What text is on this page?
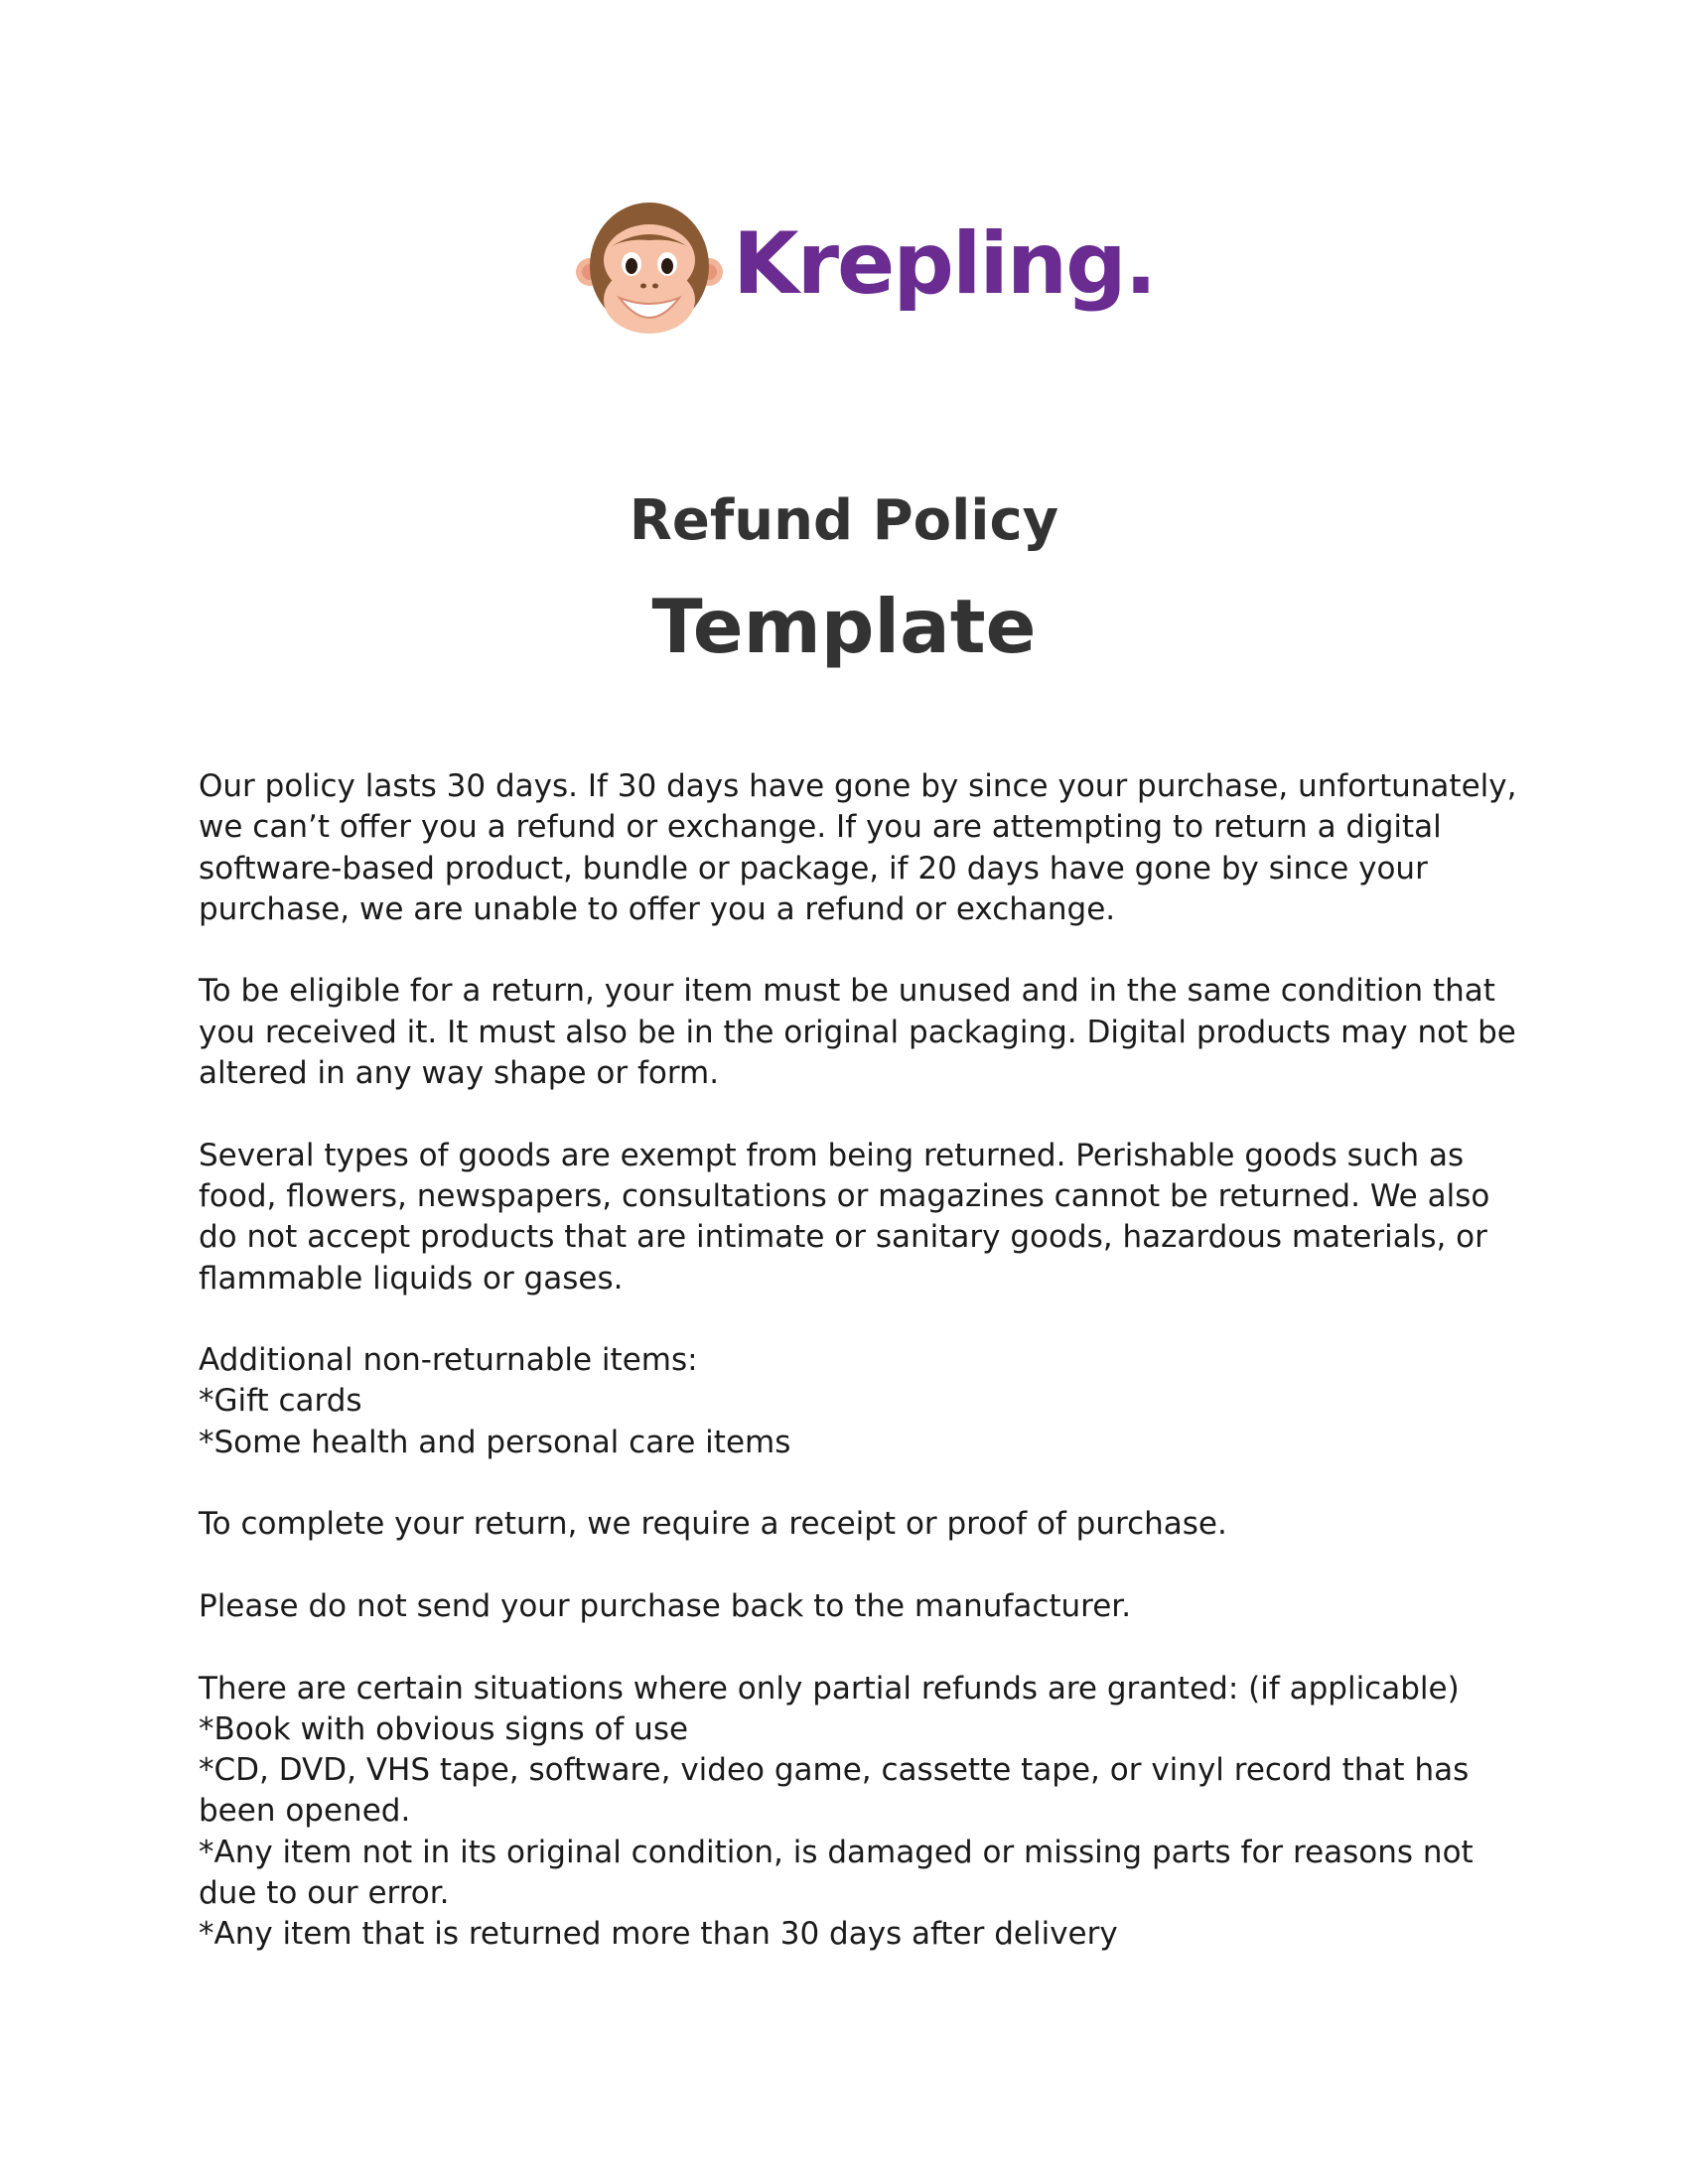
Krepling.
Refund Policy
Template

Our policy lasts 30 days. If 30 days have gone by since your purchase, unfortunately, we can’t offer you a refund or exchange. If you are attempting to return a digital software-based product, bundle or package, if 20 days have gone by since your purchase, we are unable to offer you a refund or exchange.

To be eligible for a return, your item must be unused and in the same condition that you received it. It must also be in the original packaging. Digital products may not be altered in any way shape or form.

Several types of goods are exempt from being returned. Perishable goods such as food, flowers, newspapers, consultations or magazines cannot be returned. We also do not accept products that are intimate or sanitary goods, hazardous materials, or flammable liquids or gases.

Additional non-returnable items:
*Gift cards
*Some health and personal care items

To complete your return, we require a receipt or proof of purchase.

Please do not send your purchase back to the manufacturer.

There are certain situations where only partial refunds are granted: (if applicable)
*Book with obvious signs of use
*CD, DVD, VHS tape, software, video game, cassette tape, or vinyl record that has been opened.
*Any item not in its original condition, is damaged or missing parts for reasons not due to our error.
*Any item that is returned more than 30 days after delivery
